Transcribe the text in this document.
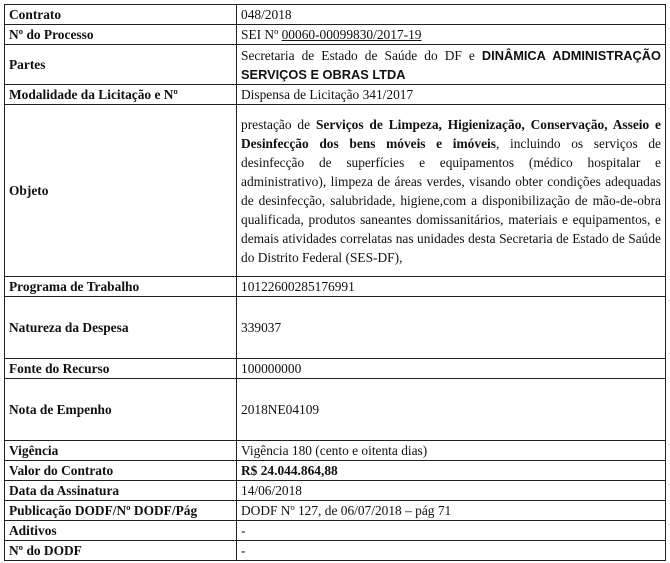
Contrato	048/2018
Nº do Processo	SEI Nº 00060-00099830/2017-19
Partes	Secretaria de Estado de Saúde do DF e DINÂMICA ADMINISTRAÇÃO SERVIÇOS E OBRAS LTDA
Modalidade da Licitação e Nº	Dispensa de Licitação 341/2017
Objeto	prestação de Serviços de Limpeza, Higienização, Conservação, Asseio e Desinfecção dos bens móveis e imóveis, incluindo os serviços de desinfecção de superfícies e equipamentos (médico hospitalar e administrativo), limpeza de áreas verdes, visando obter condições adequadas de desinfecção, salubridade, higiene,com a disponibilização de mão-de-obra qualificada, produtos saneantes domissanitários, materiais e equipamentos, e demais atividades correlatas nas unidades desta Secretaria de Estado de Saúde do Distrito Federal (SES-DF),
Programa de Trabalho	10122600285176991
Natureza da Despesa	339037
Fonte do Recurso	100000000
Nota de Empenho	2018NE04109
Vigência	Vigência 180 (cento e oitenta dias)
Valor do Contrato	R$ 24.044.864,88
Data da Assinatura	14/06/2018
Publicação DODF/Nº DODF/Pág	DODF Nº 127, de 06/07/2018 – pág 71
Aditivos	-
Nº do DODF	-
